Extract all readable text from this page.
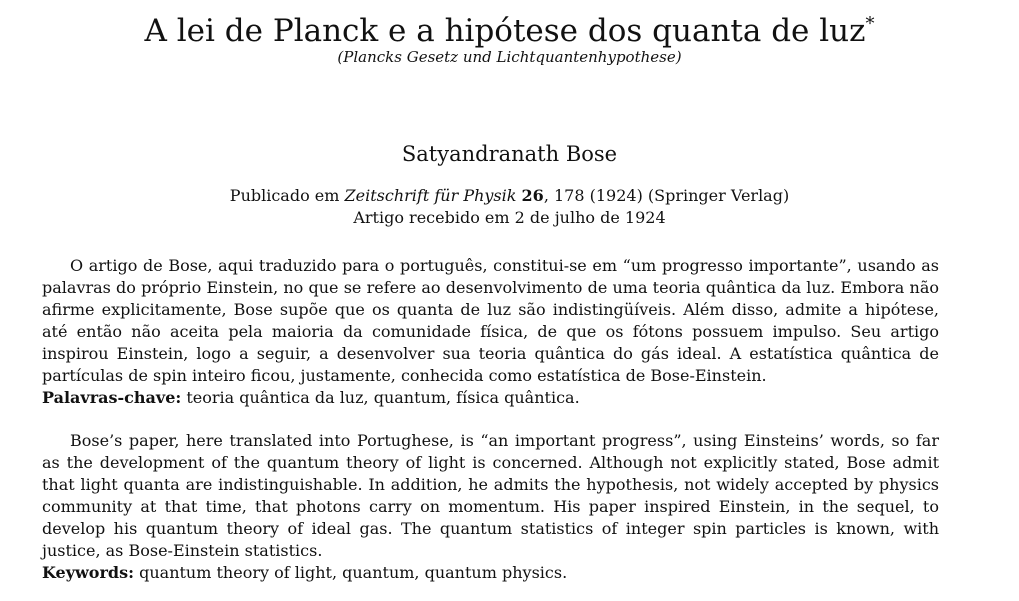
A lei de Planck e a hipótese dos quanta de luz*
(Plancks Gesetz und Lichtquantenhypothese)
Satyandranath Bose
Publicado em Zeitschrift für Physik 26, 178 (1924) (Springer Verlag)
Artigo recebido em 2 de julho de 1924

O artigo de Bose, aqui traduzido para o português, constitui-se em “um progresso importante”, usando as palavras do próprio Einstein, no que se refere ao desenvolvimento de uma teoria quântica da luz. Embora não afirme explicitamente, Bose supõe que os quanta de luz são indistingüíveis. Além disso, admite a hipótese, até então não aceita pela maioria da comunidade física, de que os fótons possuem impulso. Seu artigo inspirou Einstein, logo a seguir, a desenvolver sua teoria quântica do gás ideal. A estatística quântica de partículas de spin inteiro ficou, justamente, conhecida como estatística de Bose-Einstein.

Palavras-chave: teoria quântica da luz, quantum, física quântica.

Bose’s paper, here translated into Portughese, is “an important progress”, using Einsteins’ words, so far as the development of the quantum theory of light is concerned. Although not explicitly stated, Bose admit that light quanta are indistinguishable. In addition, he admits the hypothesis, not widely accepted by physics community at that time, that photons carry on momentum. His paper inspired Einstein, in the sequel, to develop his quantum theory of ideal gas. The quantum statistics of integer spin particles is known, with justice, as Bose-Einstein statistics.

Keywords: quantum theory of light, quantum, quantum physics.
